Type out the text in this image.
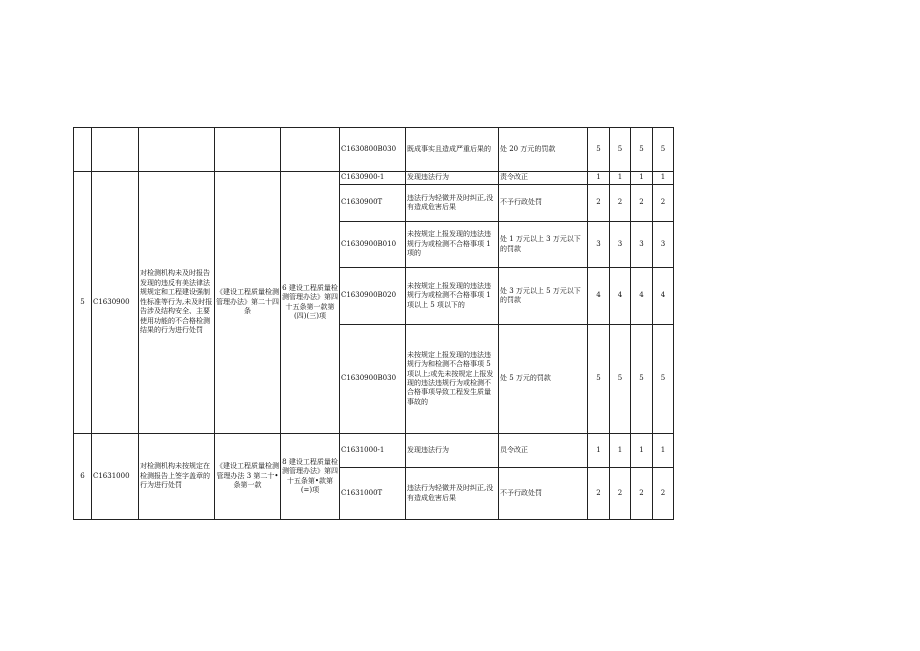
					C1630800B030	既成事实且造成严重后果的	处 20 万元的罚款	5	5	5	5
5	C1630900	对检测机构未及时报告发现的违反有美法律法规规定和工程建设强制性标准等行为,未及时报告涉及结构安全、主要使用功能的不合格检测结果的行为进行处罚	《建设工程质量检测管理办法》第二十四条	6 建设工程质量检测管理办法》第四十五条第一款第(四)(三)项	C1630900-1	发现违法行为	责令改正	1	1	1	1
					C1630900T	违法行为轻微并及时纠正,没有造成危害后果	不予行政处罚	2	2	2	2
					C1630900B010	未按规定上报发现的违法违规行为或检测不合格事项 1 项的	处 1 万元以上 3 万元以下的罚款	3	3	3	3
					C1630900B020	未按规定上报发现的违法违规行为或检测不合格事项 1 项以上 5 项以下的	处 3 万元以上 5 万元以下的罚款	4	4	4	4
					C1630900B030	未按规定上报发现的违法违规行为和检测不合格事项 5 项以上;或先未按规定上报发现的违法违规行为或检测不合格事项导致工程发生质量事故的	处 5 万元的罚款	5	5	5	5
6	C1631000	对检测机构未按规定在检测报告上签字盖章的行为进行处罚	《建设工程质量检测管理办法 3 第二十•条第一款	8 建设工程质量检测管理办法》第四十五条第•款第(=)项	C1631000-1	发现违法行为	员令改正	1	1	1	1
					C1631000T	违法行为轻微并及时纠正,没有造成危害后果	不予行政处罚	2	2	2	2
